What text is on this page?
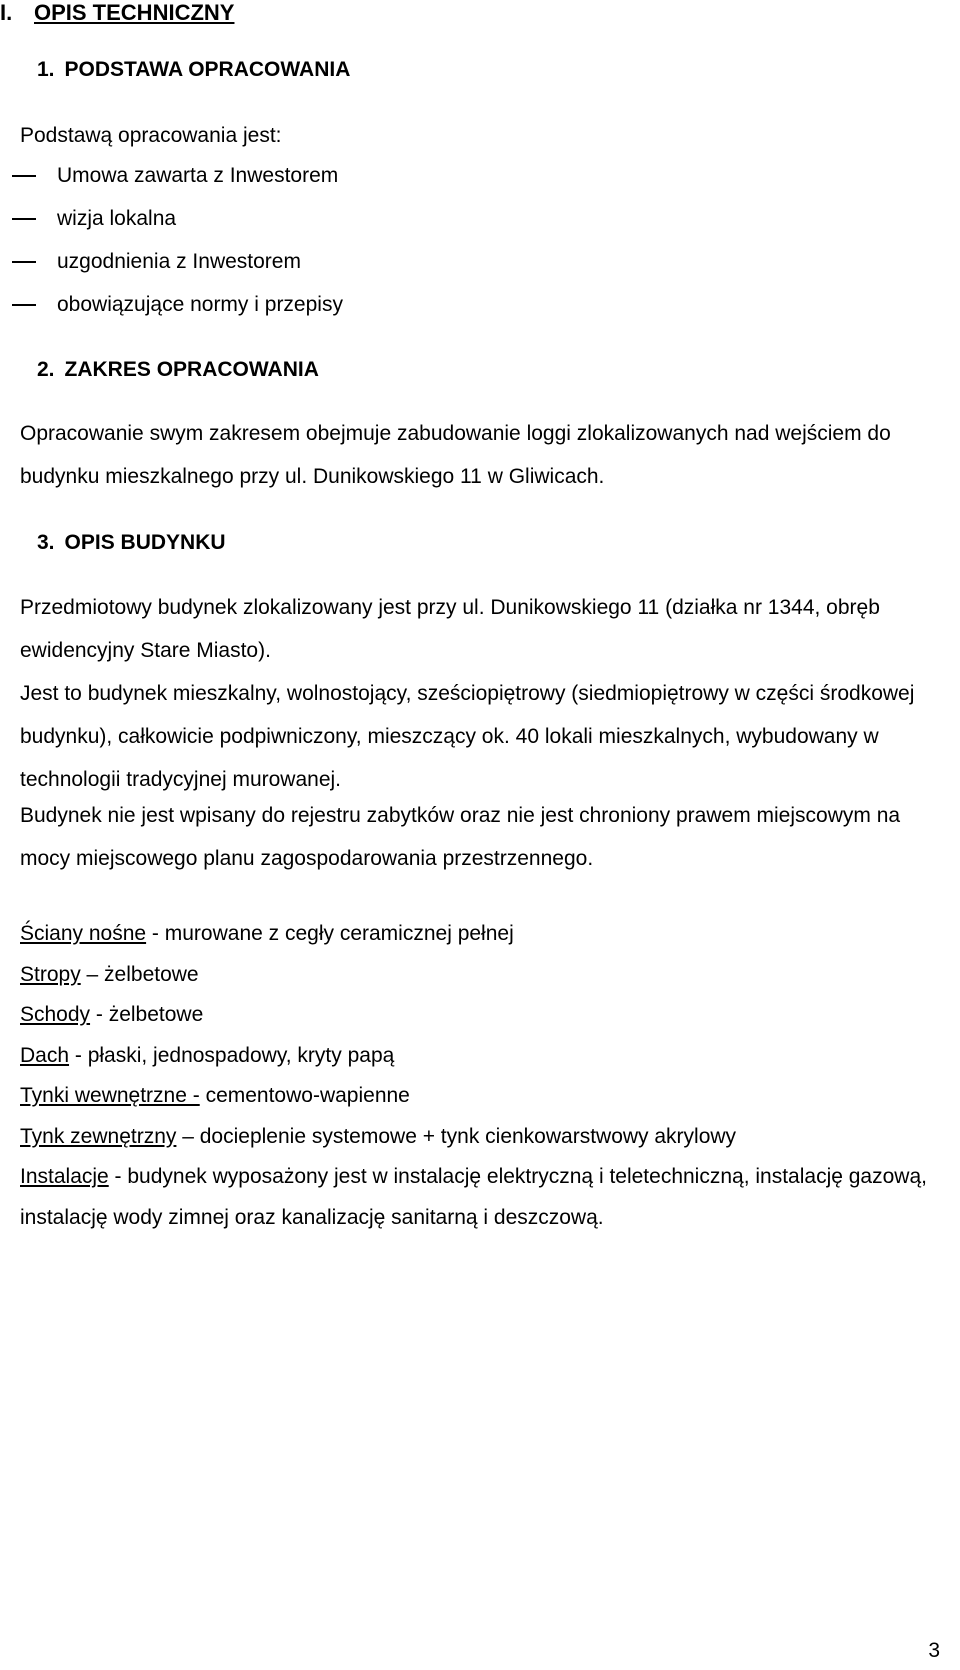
I. OPIS TECHNICZNY
1. PODSTAWA OPRACOWANIA

Podstawą opracowania jest:

Umowa zawarta z Inwestorem
wizja lokalna
uzgodnienia z Inwestorem
obowiązujące normy i przepisy
2. ZAKRES OPRACOWANIA

Opracowanie swym zakresem obejmuje zabudowanie loggi zlokalizowanych nad wejściem do budynku mieszkalnego przy ul. Dunikowskiego 11 w Gliwicach.

3. OPIS BUDYNKU

Przedmiotowy budynek zlokalizowany jest przy ul. Dunikowskiego 11 (działka nr 1344, obręb ewidencyjny Stare Miasto).

Jest to budynek mieszkalny, wolnostojący, sześciopiętrowy (siedmiopiętrowy w części środkowej budynku), całkowicie podpiwniczony, mieszczący ok. 40 lokali mieszkalnych, wybudowany w technologii tradycyjnej murowanej.

Budynek nie jest wpisany do rejestru zabytków oraz nie jest chroniony prawem miejscowym na mocy miejscowego planu zagospodarowania przestrzennego.

Ściany nośne - murowane z cegły ceramicznej pełnej

Stropy – żelbetowe

Schody - żelbetowe

Dach - płaski, jednospadowy, kryty papą

Tynki wewnętrzne - cementowo-wapienne

Tynk zewnętrzny – docieplenie systemowe + tynk cienkowarstwowy akrylowy

Instalacje - budynek wyposażony jest w instalację elektryczną i teletechniczną, instalację gazową, instalację wody zimnej oraz kanalizację sanitarną i deszczową.

3
